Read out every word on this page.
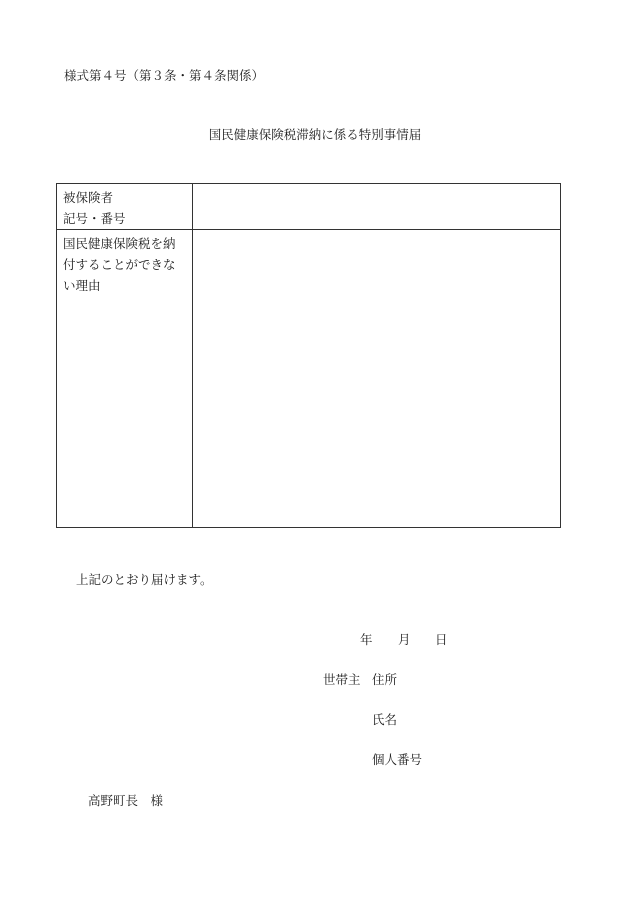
様式第４号（第３条・第４条関係）
国民健康保険税滞納に係る特別事情届
被保険者
記号・番号	

国民健康保険税を納
付することができな
い理由	

上記のとおり届けます。
年 月 日
世帯主 住所
氏名
個人番号
高野町長　様
